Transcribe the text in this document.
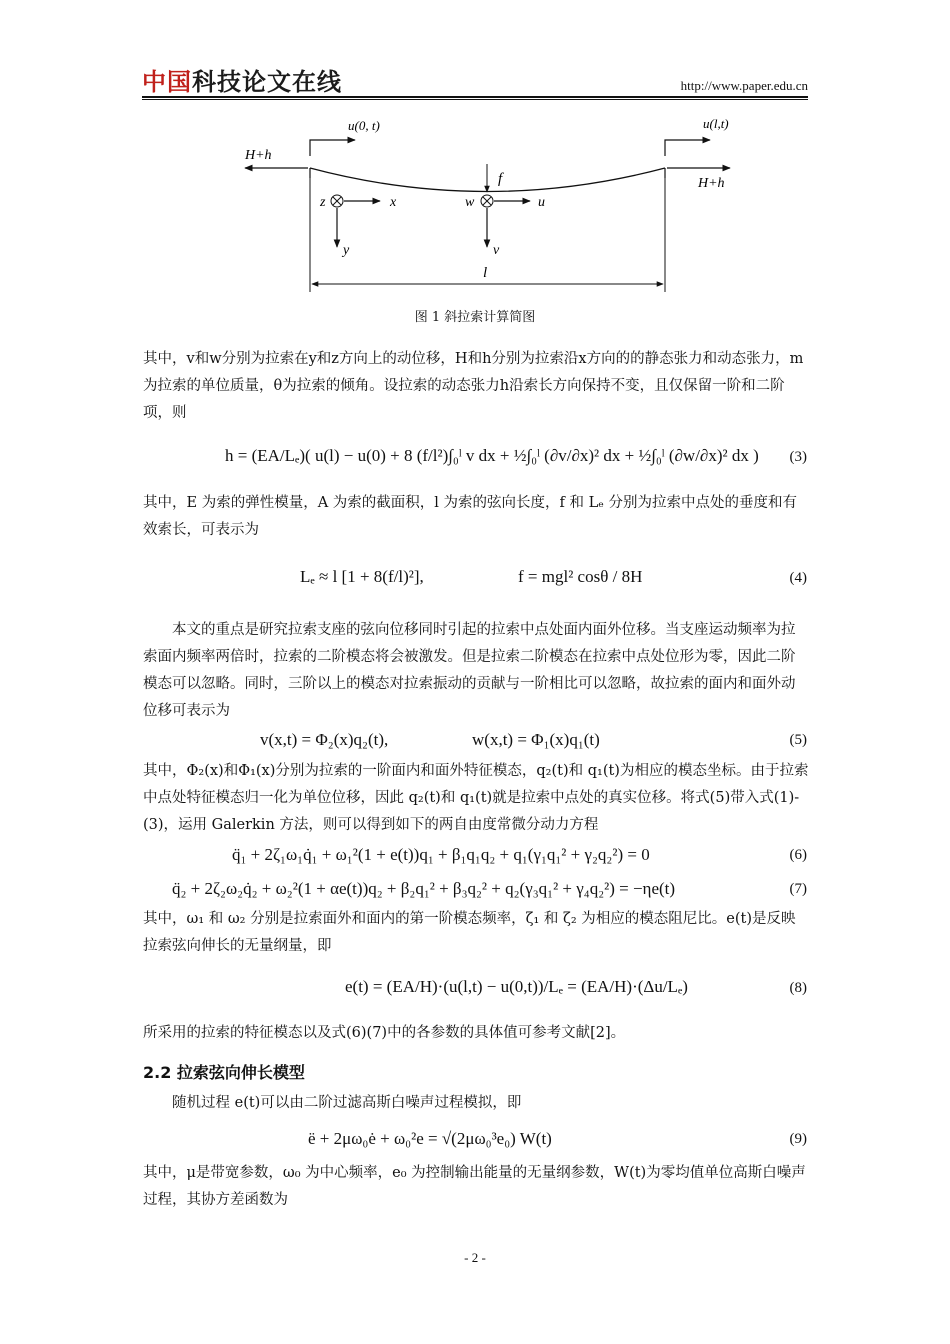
中国科技论文在线	http://www.paper.edu.cn
u(0, t)	u(l,t)
H+h
H+h
f
z	x	w	u
y	v
l
图 1 斜拉索计算简图
其中，v和w分别为拉索在y和z方向上的动位移，H和h分别为拉索沿x方向的的静态张力和动态张力，m为拉索的单位质量，θ为拉索的倾角。设拉索的动态张力h沿索长方向保持不变，且仅保留一阶和二阶项，则
h = (EA/Lₑ)( u(l) − u(0) + 8 (f/l²)∫₀ˡ v dx + ½∫₀ˡ (∂v/∂x)² dx + ½∫₀ˡ (∂w/∂x)² dx ) (3)
其中，E 为索的弹性模量，A 为索的截面积，l 为索的弦向长度，f 和 Lₑ 分别为拉索中点处的垂度和有效索长，可表示为
Lₑ ≈ l [1 + 8(f/l)²],	f = mgl² cosθ / 8H	(4)
本文的重点是研究拉索支座的弦向位移同时引起的拉索中点处面内面外位移。当支座运动频率为拉索面内频率两倍时，拉索的二阶模态将会被激发。但是拉索二阶模态在拉索中点处位形为零，因此二阶模态可以忽略。同时，三阶以上的模态对拉索振动的贡献与一阶相比可以忽略，故拉索的面内和面外动位移可表示为
v(x,t) = Φ₂(x)q₂(t),	w(x,t) = Φ₁(x)q₁(t)	(5)
其中，Φ₂(x)和Φ₁(x)分别为拉索的一阶面内和面外特征模态，q₂(t)和 q₁(t)为相应的模态坐标。由于拉索中点处特征模态归一化为单位位移，因此 q₂(t)和 q₁(t)就是拉索中点处的真实位移。将式(5)带入式(1)-(3)，运用 Galerkin 方法，则可以得到如下的两自由度常微分动力方程
q̈₁ + 2ζ₁ω₁q̇₁ + ω₁²(1 + e(t))q₁ + β₁q₁q₂ + q₁(γ₁q₁² + γ₂q₂²) = 0	(6)
q̈₂ + 2ζ₂ω₂q̇₂ + ω₂²(1 + αe(t))q₂ + β₂q₁² + β₃q₂² + q₂(γ₃q₁² + γ₄q₂²) = −ηe(t)	(7)
其中，ω₁ 和 ω₂ 分别是拉索面外和面内的第一阶模态频率，ζ₁ 和 ζ₂ 为相应的模态阻尼比。e(t)是反映拉索弦向伸长的无量纲量，即
e(t) = (EA/H)·(u(l,t) − u(0,t))/Lₑ = (EA/H)·(Δu/Lₑ)	(8)
所采用的拉索的特征模态以及式(6)(7)中的各参数的具体值可参考文献[2]。
2.2 拉索弦向伸长模型
随机过程 e(t)可以由二阶过滤高斯白噪声过程模拟，即
ë + 2μω₀ė + ω₀²e = √(2μω₀³e₀) W(t)	(9)
其中，μ是带宽参数，ω₀ 为中心频率，e₀ 为控制输出能量的无量纲参数，W(t)为零均值单位高斯白噪声过程，其协方差函数为
- 2 -
